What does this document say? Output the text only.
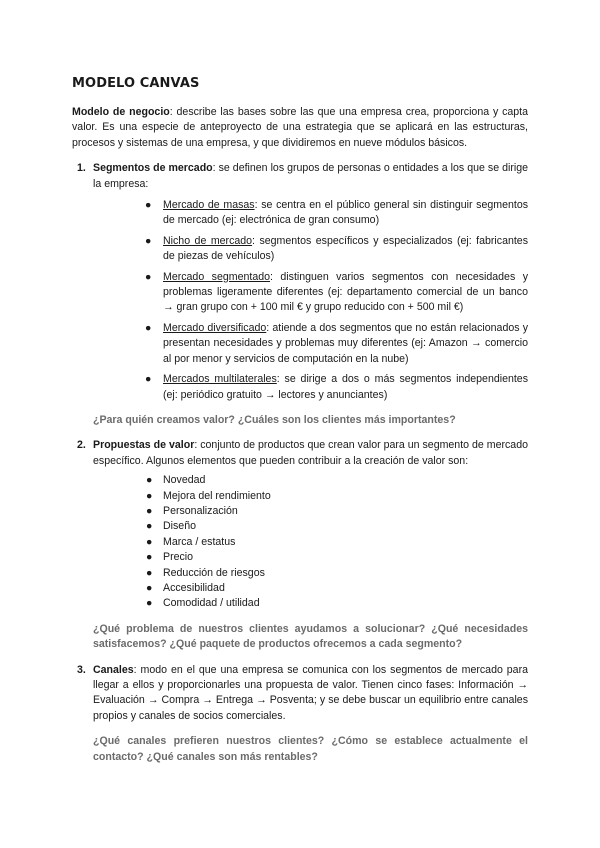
MODELO CANVAS

Modelo de negocio: describe las bases sobre las que una empresa crea, proporciona y capta valor. Es una especie de anteproyecto de una estrategia que se aplicará en las estructuras, procesos y sistemas de una empresa, y que dividiremos en nueve módulos básicos.

1. Segmentos de mercado: se definen los grupos de personas o entidades a los que se dirige la empresa:

● Mercado de masas: se centra en el público general sin distinguir segmentos de mercado (ej: electrónica de gran consumo)
● Nicho de mercado: segmentos específicos y especializados (ej: fabricantes de piezas de vehículos)
● Mercado segmentado: distinguen varios segmentos con necesidades y problemas ligeramente diferentes (ej: departamento comercial de un banco → gran grupo con + 100 mil € y grupo reducido con + 500 mil €)
● Mercado diversificado: atiende a dos segmentos que no están relacionados y presentan necesidades y problemas muy diferentes (ej: Amazon → comercio al por menor y servicios de computación en la nube)
● Mercados multilaterales: se dirige a dos o más segmentos independientes (ej: periódico gratuito → lectores y anunciantes)

¿Para quién creamos valor? ¿Cuáles son los clientes más importantes?

2. Propuestas de valor: conjunto de productos que crean valor para un segmento de mercado específico. Algunos elementos que pueden contribuir a la creación de valor son:

● Novedad
● Mejora del rendimiento
● Personalización
● Diseño
● Marca / estatus
● Precio
● Reducción de riesgos
● Accesibilidad
● Comodidad / utilidad

¿Qué problema de nuestros clientes ayudamos a solucionar? ¿Qué necesidades satisfacemos? ¿Qué paquete de productos ofrecemos a cada segmento?

3. Canales: modo en el que una empresa se comunica con los segmentos de mercado para llegar a ellos y proporcionarles una propuesta de valor. Tienen cinco fases: Información → Evaluación → Compra → Entrega → Posventa; y se debe buscar un equilibrio entre canales propios y canales de socios comerciales.

¿Qué canales prefieren nuestros clientes? ¿Cómo se establece actualmente el contacto? ¿Qué canales son más rentables?
